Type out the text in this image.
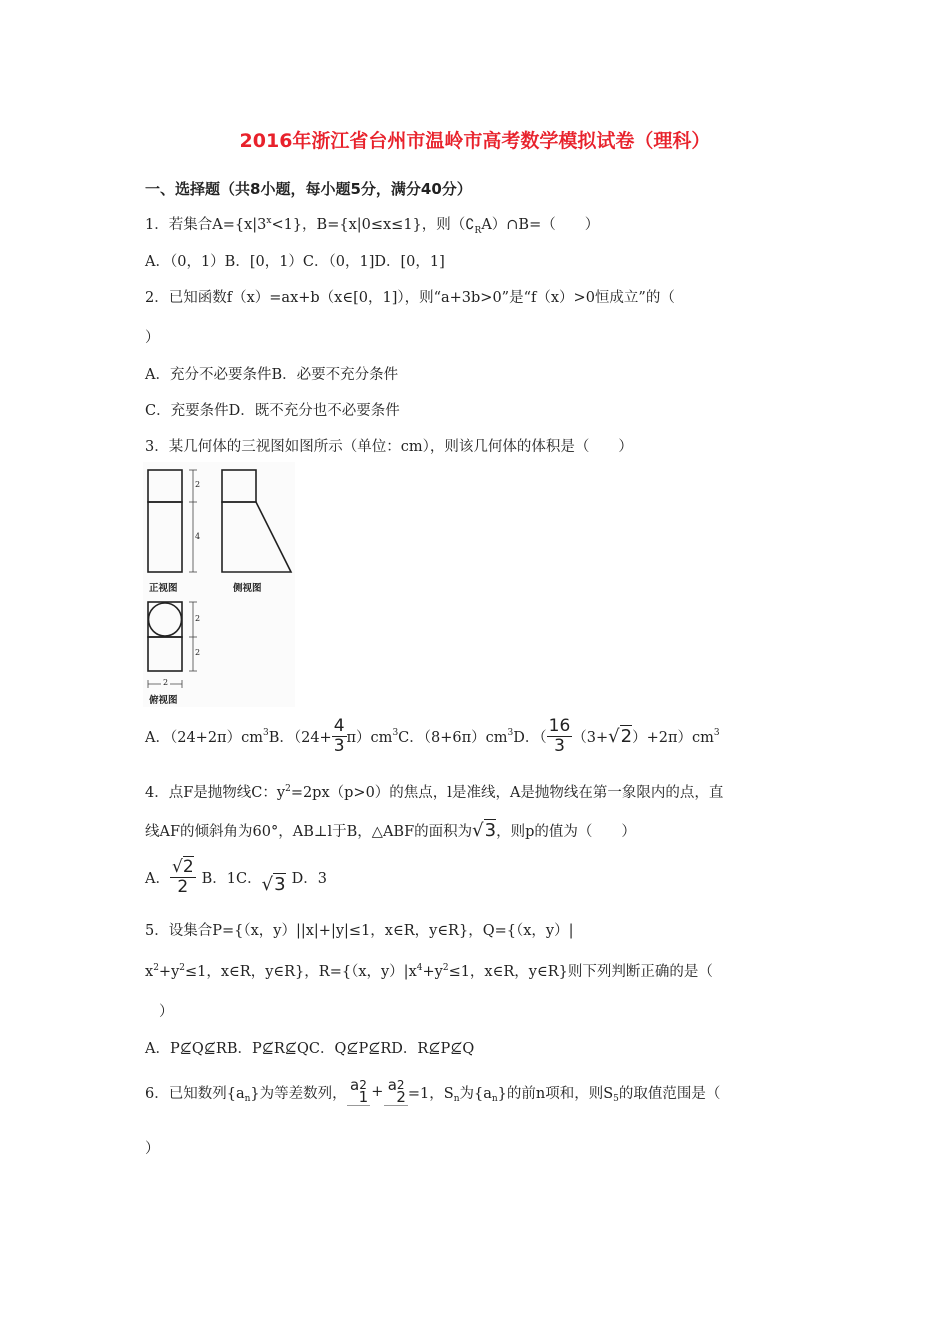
2016年浙江省台州市温岭市高考数学模拟试卷（理科）
一、选择题（共8小题，每小题5分，满分40分）
1．若集合$A=\{x|3^x<1\}$，B={x|0≤x≤1}，则$(∁_RA)\cap B=$（　　）
A．（0，1）B．[0，1）C．（0，1]D．[0，1]
2．已知函数f（x）=ax+b（x∈[0，1]），则“a+3b>0”是“f（x）>0恒成立”的（
）
A．充分不必要条件B．必要不充分条件
C．充要条件D．既不充分也不必要条件
3．某几何体的三视图如图所示（单位：cm），则该几何体的体积是（　　）
2
4
2
2
2
正视图	侧视图
俯视图
A．$(24+2\pi)cm^3$ B．$(24+ \frac{4}{3} \pi)cm^3$ C．$(8+6\pi)cm^3$ D．（ $\frac{16}{3} (3+ √2$ ）$+2\pi)cm^3$
4．点F是抛物线C：$y^2=2px(p>0)$的焦点，l是准线，A是抛物线在第一象限内的点，直
线AF的倾斜角为60°，AB⊥l于B，△ABF的面积为√3，则p的值为（　　）
A． $\frac{√2}{2}$ B．1C． √3 D．3
5．设集合P={（x，y）||x|+|y|≤1，x∈R，y∈R}，Q={（x，y）|
$x^2+y^2\le 1$，x∈R，y∈R}，R={（x，$y)|x^4+y^2\le 1$，x∈R，y∈R}则下列判断正确的是（
）
A．P⊈Q⊈RB．P⊈R⊈QC．Q⊈P⊈RD．R⊈P⊈Q
6．已知数列{$a_n$ }为等差数列， a 2
1 + a 2
2 =1，$S_n$ 为{$a_n$ }的前n项和，则$S_5$ 的取值范围是（
）
